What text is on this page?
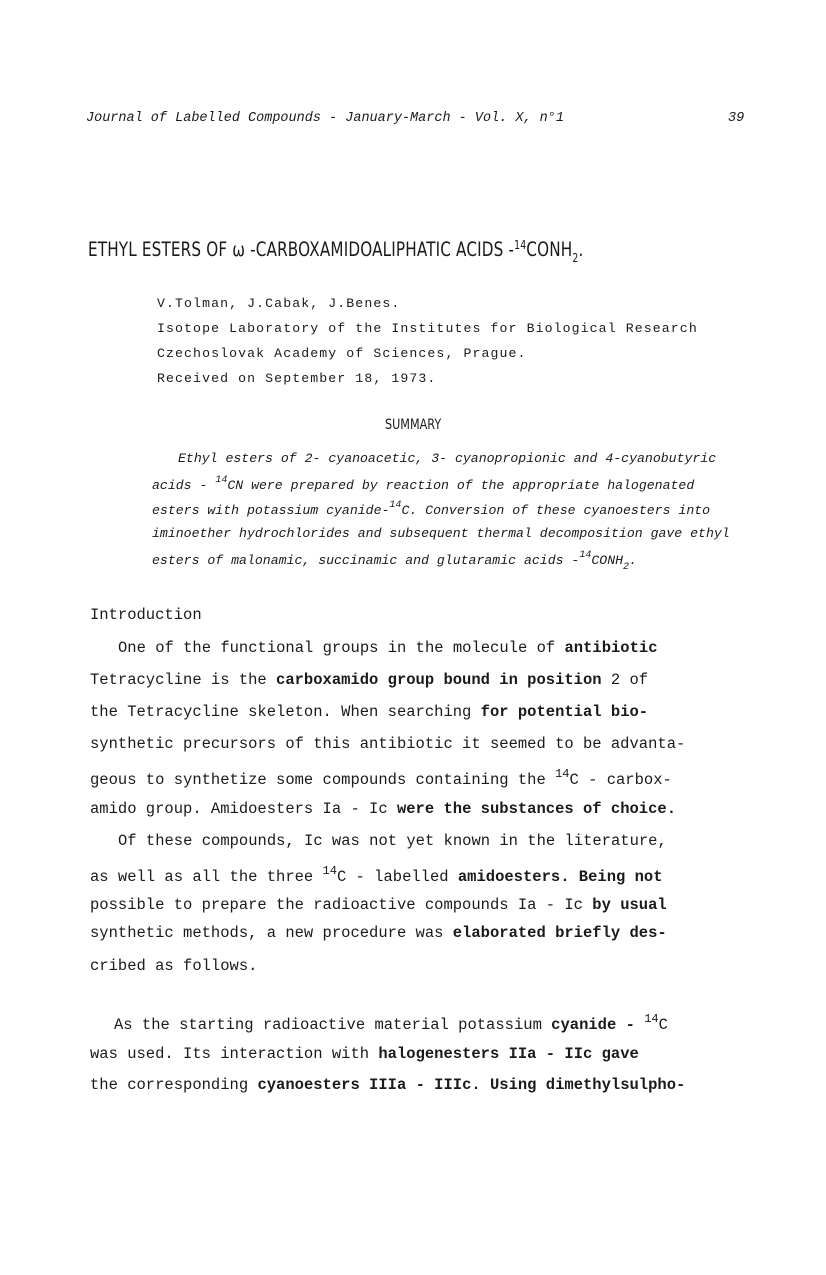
Journal of Labelled Compounds - January-March - Vol. X, n°1	39
ETHYL ESTERS OF ω -CARBOXAMIDOALIPHATIC ACIDS $-^{14}CONH_2$.
V.Tolman, J.Cabak, J.Benes.
Isotope Laboratory of the Institutes for Biological Research
Czechoslovak Academy of Sciences, Prague.
Received on September 18, 1973.
SUMMARY
Ethyl esters of 2- cyanoacetic, 3- cyanopropionic and 4-cyanobutyric
acids - $^{14}$CN were prepared by reaction of the appropriate halogenated
esters with potassium cyanide-$^{14}$C. Conversion of these cyanoesters into
iminoether hydrochlorides and subsequent thermal decomposition gave ethyl
esters of malonamic, succinamic and glutaramic acids $-^{14}CONH_2$.
Introduction
One of the functional groups in the molecule of antibiotic
Tetracycline is the carboxamido group bound in position 2 of
the Tetracycline skeleton. When searching for potential bio-
synthetic precursors of this antibiotic it seemed to be advanta-
geous to synthetize some compounds containing the $^{14}$C - carbox-
amido group. Amidoesters Ia - Ic were the substances of choice.
Of these compounds, Ic was not yet known in the literature,
as well as all the three $^{14}$C - labelled amidoesters. Being not
possible to prepare the radioactive compounds Ia - Ic by usual
synthetic methods, a new procedure was elaborated briefly des-
cribed as follows.
As the starting radioactive material potassium cyanide - $^{14}$C
was used. Its interaction with halogenesters IIa - IIc gave
the corresponding cyanoesters IIIa - IIIc. Using dimethylsulpho-
